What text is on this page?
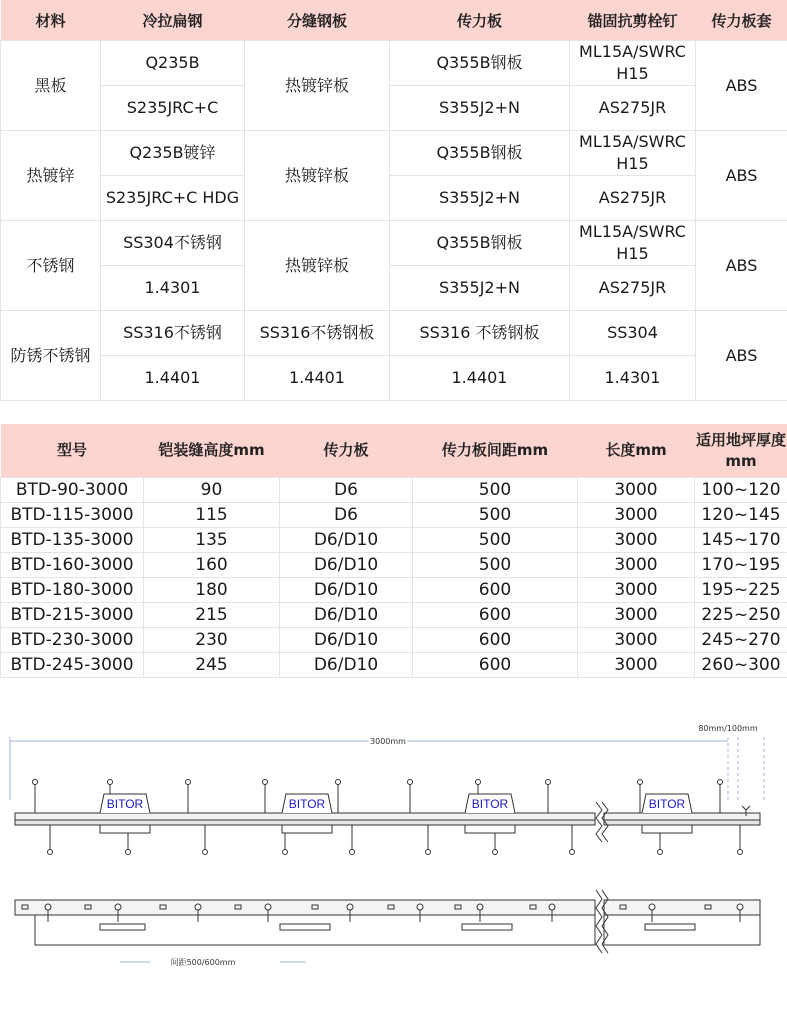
材料	冷拉扁钢	分缝钢板	传力板	锚固抗剪栓钉	传力板套
黑板	Q235B	热镀锌板	Q355B钢板	ML15A/SWRC H15	ABS
	S235JRC+C		S355J2+N	AS275JR	
热镀锌	Q235B镀锌	热镀锌板	Q355B钢板	ML15A/SWRC H15	ABS
	S235JRC+C HDG		S355J2+N	AS275JR	
不锈钢	SS304不锈钢	热镀锌板	Q355B钢板	ML15A/SWRC H15	ABS
	1.4301		S355J2+N	AS275JR	
防锈不锈钢	SS316不锈钢	SS316不锈钢板	SS316 不锈钢板	SS304	ABS
	1.4401	1.4401	1.4401	1.4301	
型号	铠装缝高度mm	传力板	传力板间距mm	长度mm	适用地坪厚度mm
BTD-90-3000	90	D6	500	3000	100~120
BTD-115-3000	115	D6	500	3000	120~145
BTD-135-3000	135	D6/D10	500	3000	145~170
BTD-160-3000	160	D6/D10	500	3000	170~195
BTD-180-3000	180	D6/D10	600	3000	195~225
BTD-215-3000	215	D6/D10	600	3000	225~250
BTD-230-3000	230	D6/D10	600	3000	245~270
BTD-245-3000	245	D6/D10	600	3000	260~300
3000mm
80mm/100mm
间距500/600mm
BITOR	BITOR	BITOR	BITOR
